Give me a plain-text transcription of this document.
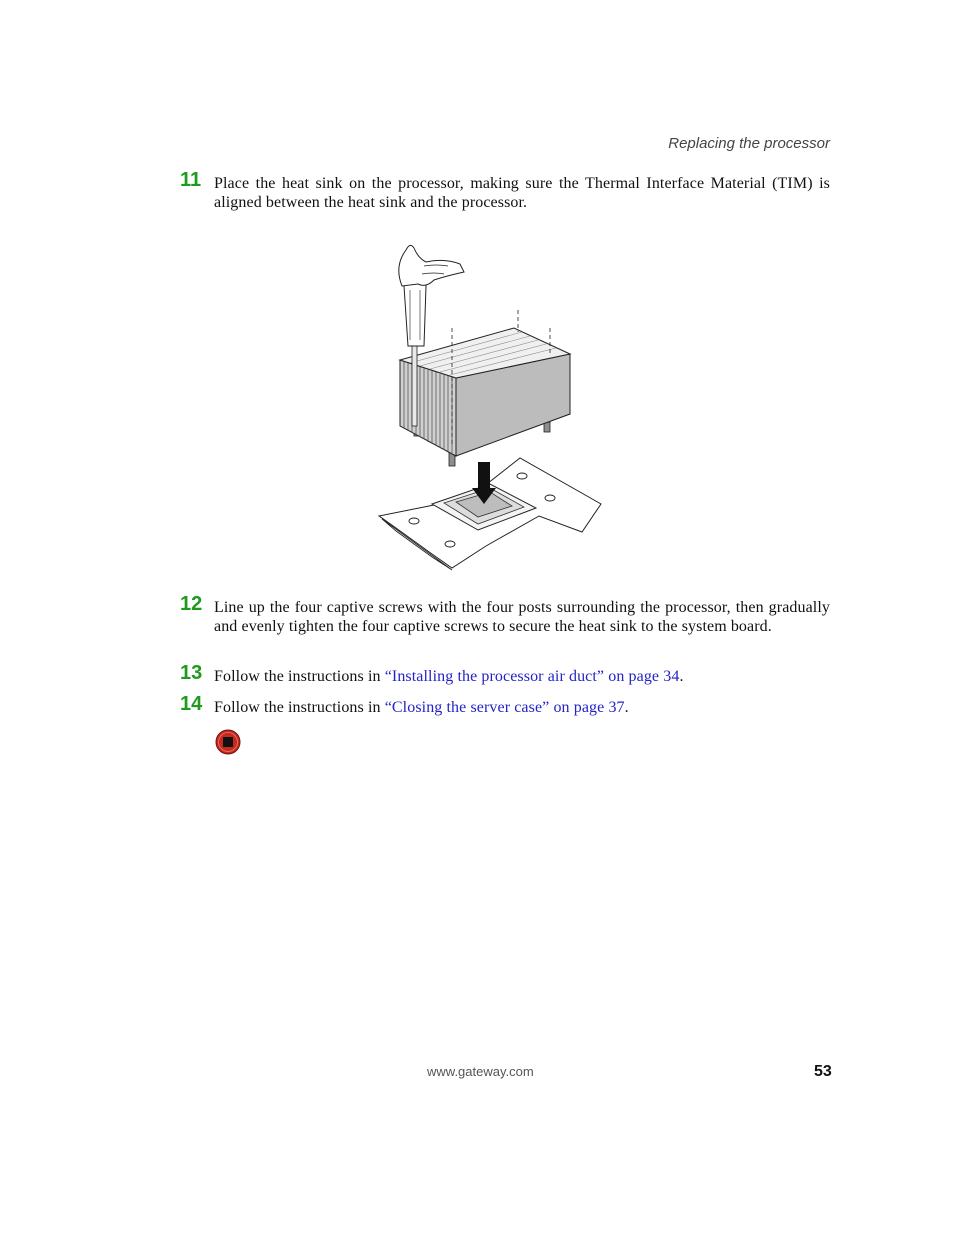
Replacing the processor
11 Place the heat sink on the processor, making sure the Thermal Interface Material (TIM) is aligned between the heat sink and the processor.
12 Line up the four captive screws with the four posts surrounding the processor, then gradually and evenly tighten the four captive screws to secure the heat sink to the system board.
13 Follow the instructions in “Installing the processor air duct” on page 34.
14 Follow the instructions in “Closing the server case” on page 37.
www.gateway.com	53
